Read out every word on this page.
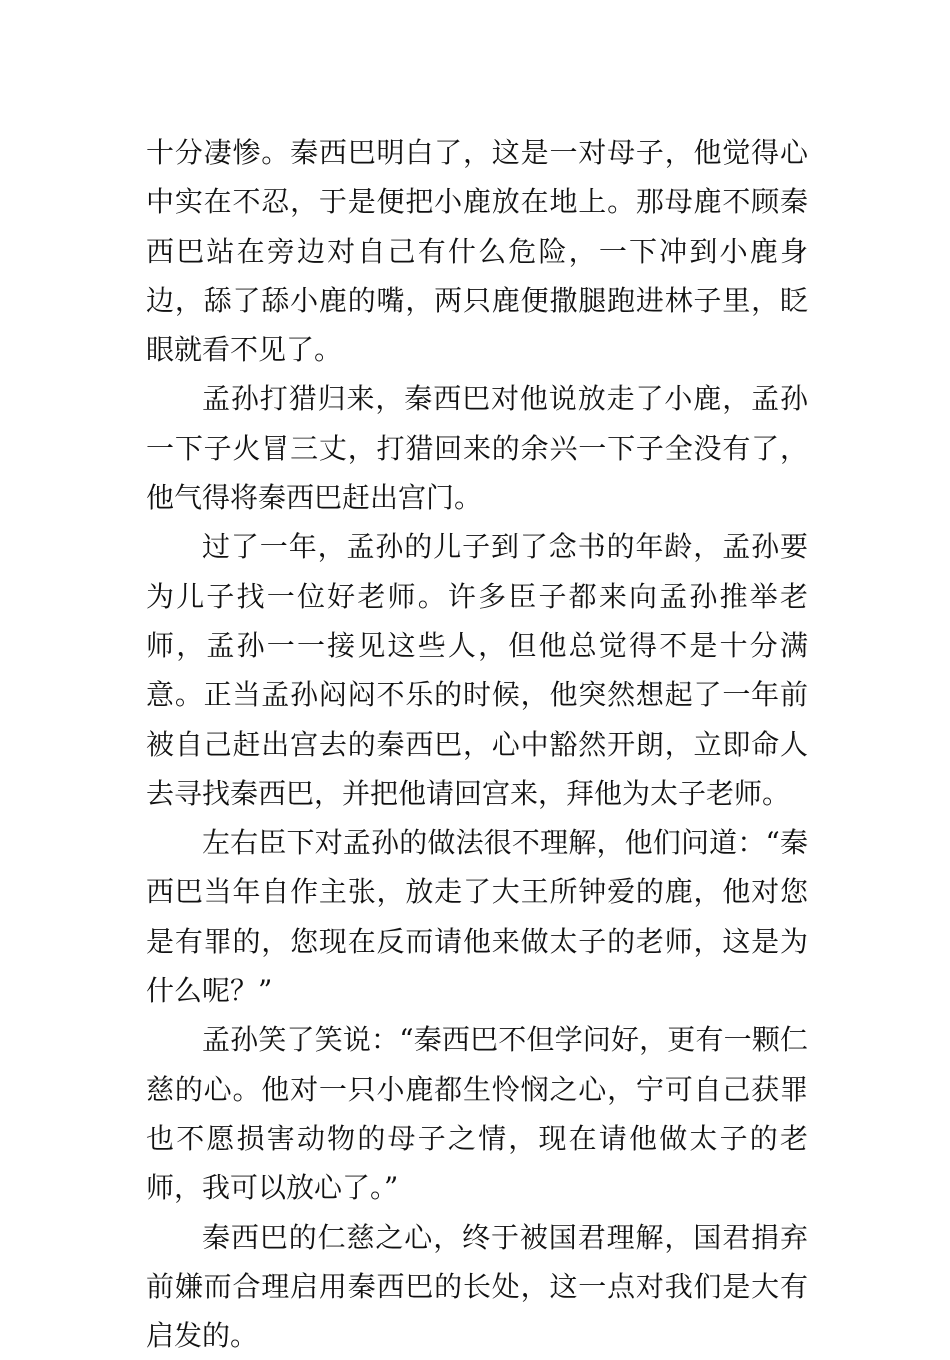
十分凄惨。秦西巴明白了，这是一对母子，他觉得心中实在不忍，于是便把小鹿放在地上。那母鹿不顾秦西巴站在旁边对自己有什么危险，一下冲到小鹿身边，舔了舔小鹿的嘴，两只鹿便撒腿跑进林子里，眨眼就看不见了。

孟孙打猎归来，秦西巴对他说放走了小鹿，孟孙一下子火冒三丈，打猎回来的余兴一下子全没有了，他气得将秦西巴赶出宫门。

过了一年，孟孙的儿子到了念书的年龄，孟孙要为儿子找一位好老师。许多臣子都来向孟孙推举老师，孟孙一一接见这些人，但他总觉得不是十分满意。正当孟孙闷闷不乐的时候，他突然想起了一年前被自己赶出宫去的秦西巴，心中豁然开朗，立即命人去寻找秦西巴，并把他请回宫来，拜他为太子老师。

左右臣下对孟孙的做法很不理解，他们问道：“秦西巴当年自作主张，放走了大王所钟爱的鹿，他对您是有罪的，您现在反而请他来做太子的老师，这是为什么呢？”

孟孙笑了笑说：“秦西巴不但学问好，更有一颗仁慈的心。他对一只小鹿都生怜悯之心，宁可自己获罪也不愿损害动物的母子之情，现在请他做太子的老师，我可以放心了。”

秦西巴的仁慈之心，终于被国君理解，国君捐弃前嫌而合理启用秦西巴的长处，这一点对我们是大有启发的。
